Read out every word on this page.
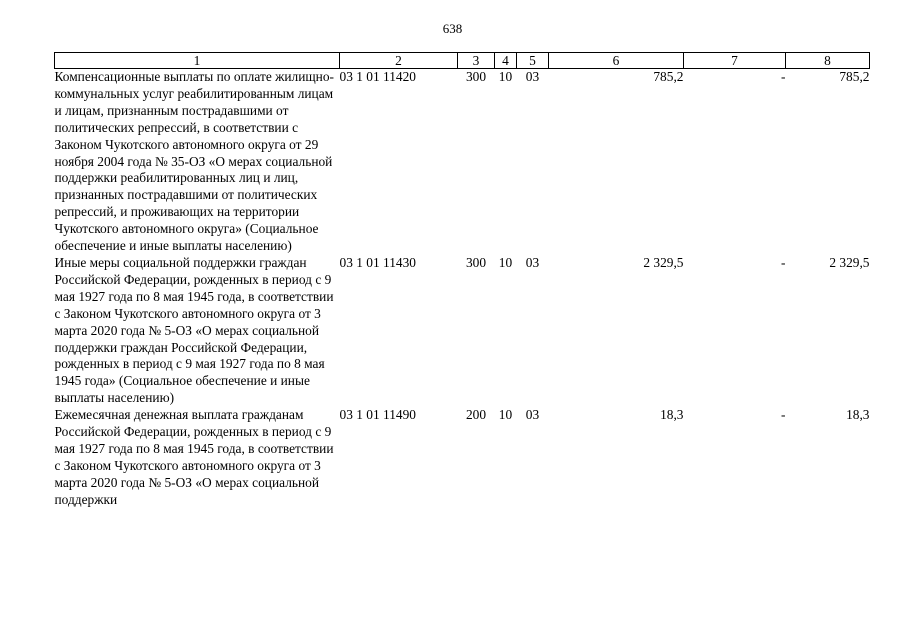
638
1	2	3	4	5	6	7	8
Компенсационные выплаты по оплате жилищно-коммунальных услуг реабилитированным лицам и лицам, признанным пострадавшими от политических репрессий, в соответствии с Законом Чукотского автономного округа от 29 ноября 2004 года № 35-ОЗ «О мерах социальной поддержки реабилитированных лиц и лиц, признанных пострадавшими от политических репрессий, и проживающих на территории Чукотского автономного округа» (Социальное обеспечение и иные выплаты населению)	03 1 01 11420	300	10	03	785,2	-	785,2
Иные меры социальной поддержки граждан Российской Федерации, рожденных в период с 9 мая 1927 года по 8 мая 1945 года, в соответствии с Законом Чукотского автономного округа от 3 марта 2020 года № 5-ОЗ «О мерах социальной поддержки граждан Российской Федерации, рожденных в период с 9 мая 1927 года по 8 мая 1945 года» (Социальное обеспечение и иные выплаты населению)	03 1 01 11430	300	10	03	2 329,5	-	2 329,5
Ежемесячная денежная выплата гражданам Российской Федерации, рожденных в период с 9 мая 1927 года по 8 мая 1945 года, в соответствии с Законом Чукотского автономного округа от 3 марта 2020 года № 5-ОЗ «О мерах социальной поддержки	03 1 01 11490	200	10	03	18,3	-	18,3
